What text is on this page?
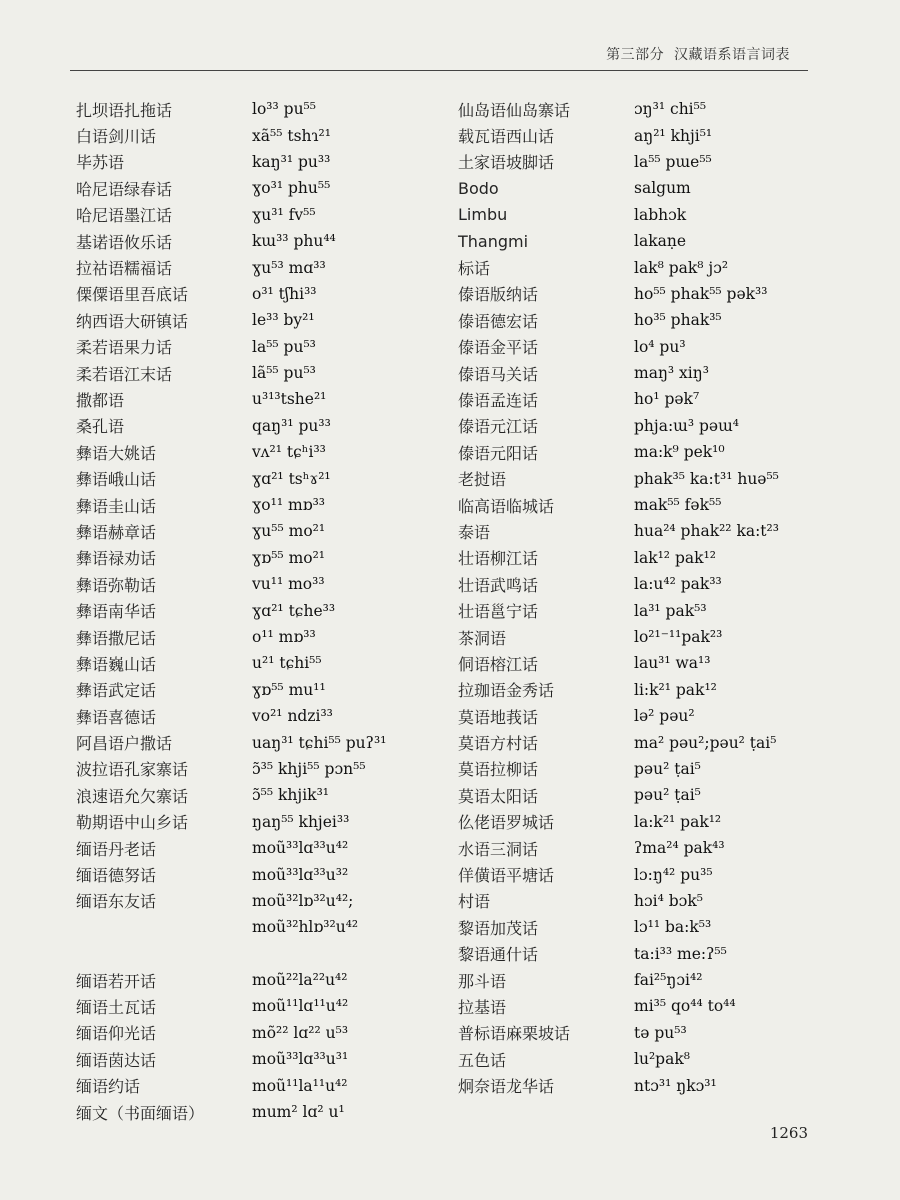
第三部分 汉藏语系语言词表
扎坝语扎拖话	lo³³ pu⁵⁵
白语剑川话	xã⁵⁵ tshɿ²¹
毕苏语	kaŋ³¹ pu³³
哈尼语绿春话	ɣo³¹ phu⁵⁵
哈尼语墨江话	ɣu³¹ fv⁵⁵
基诺语攸乐话	kɯ³³ phu⁴⁴
拉祜语糯福话	ɣu⁵³ mɑ³³
傈僳语里吾底话	o³¹ tʃhi³³
纳西语大研镇话	le³³ by²¹
柔若语果力话	la⁵⁵ pu⁵³
柔若语江末话	lã⁵⁵ pu⁵³
撒都语	u³¹³tshe²¹
桑孔语	qaŋ³¹ pu³³
彝语大姚话	vʌ²¹ tɕʰi³³
彝语峨山话	ɣɑ²¹ tsʰɤ²¹
彝语圭山话	ɣo¹¹ mɒ³³
彝语赫章话	ɣu⁵⁵ mo²¹
彝语禄劝话	ɣɒ⁵⁵ mo²¹
彝语弥勒话	vu¹¹ mo³³
彝语南华话	ɣɑ²¹ tɕhe³³
彝语撒尼话	o¹¹ mɒ³³
彝语巍山话	u²¹ tɕhi⁵⁵
彝语武定话	ɣɒ⁵⁵ mu¹¹
彝语喜德话	vo²¹ ndzi³³
阿昌语户撒话	uaŋ³¹ tɕhi⁵⁵ puʔ³¹
波拉语孔家寨话	ɔ̃³⁵ khji⁵⁵ pɔn⁵⁵
浪速语允欠寨话	ɔ̃⁵⁵ khjik³¹
勒期语中山乡话	ŋaŋ⁵⁵ khjei³³
缅语丹老话	moũ³³lɑ³³u⁴²
缅语德努话	moũ³³lɑ³³u³²
缅语东友话	moũ³²lɒ³²u⁴²;
moũ³²hlɒ³²u⁴²
缅语若开话	moũ²²la²²u⁴²
缅语土瓦话	moũ¹¹lɑ¹¹u⁴²
缅语仰光话	mõ²² lɑ²² u⁵³
缅语茵达话	moũ³³lɑ³³u³¹
缅语约话	moũ¹¹la¹¹u⁴²
缅文（书面缅语）	mum² lɑ² u¹
仙岛语仙岛寨话	ɔŋ³¹ chi⁵⁵
载瓦语西山话	aŋ²¹ khji⁵¹
土家语坡脚话	la⁵⁵ pɯe⁵⁵
Bodo	salgum
Limbu	labhɔk
Thangmi	lakaṇe
标话	lak⁸ pak⁸ jɔ²
傣语版纳话	ho⁵⁵ phak⁵⁵ pək³³
傣语德宏话	ho³⁵ phak³⁵
傣语金平话	lo⁴ pu³
傣语马关话	maŋ³ xiŋ³
傣语孟连话	ho¹ pək⁷
傣语元江话	phja:ɯ³ pəɯ⁴
傣语元阳话	ma:k⁹ pek¹⁰
老挝语	phak³⁵ ka:t³¹ huə⁵⁵
临高语临城话	mak⁵⁵ fək⁵⁵
泰语	hua²⁴ phak²² ka:t²³
壮语柳江话	lak¹² pak¹²
壮语武鸣话	la:u⁴² pak³³
壮语邕宁话	la³¹ pak⁵³
茶洞语	lo²¹⁻¹¹pak²³
侗语榕江话	lau³¹ wa¹³
拉珈语金秀话	li:k²¹ pak¹²
莫语地莪话	lə² pəu²
莫语方村话	ma² pəu²;pəu² ṭai⁵
莫语拉柳话	pəu² ṭai⁵
莫语太阳话	pəu² ṭai⁵
仫佬语罗城话	la:k²¹ pak¹²
水语三洞话	ʔma²⁴ pak⁴³
佯僙语平塘话	lɔ:ŋ⁴² pu³⁵
村语	hɔi⁴ bɔk⁵
黎语加茂话	lɔ¹¹ ba:k⁵³
黎语通什话	ta:i³³ me:ʔ⁵⁵
那斗语	fai²⁵ŋɔi⁴²
拉基语	mi³⁵ qo⁴⁴ to⁴⁴
普标语麻栗坡话	tə pu⁵³
五色话	lu²pak⁸
炯奈语龙华话	ntɔ³¹ ŋkɔ³¹
1263
